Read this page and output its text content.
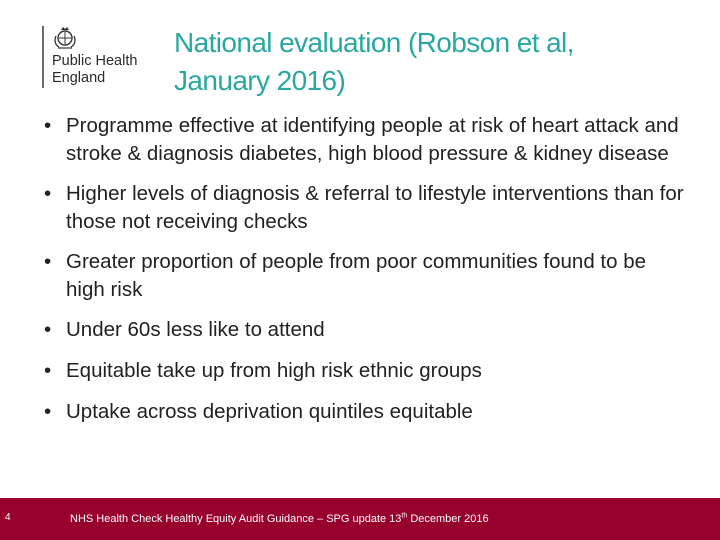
Public Health
England
National evaluation (Robson et al,
January 2016)
• Programme effective at identifying people at risk of heart attack and stroke & diagnosis diabetes, high blood pressure & kidney disease
• Higher levels of diagnosis & referral to lifestyle interventions than for those not receiving checks
• Greater proportion of people from poor communities found to be high risk
• Under 60s less like to attend
• Equitable take up from high risk ethnic groups
• Uptake across deprivation quintiles equitable
4	NHS Health Check Healthy Equity Audit Guidance – SPG update 13th December 2016
